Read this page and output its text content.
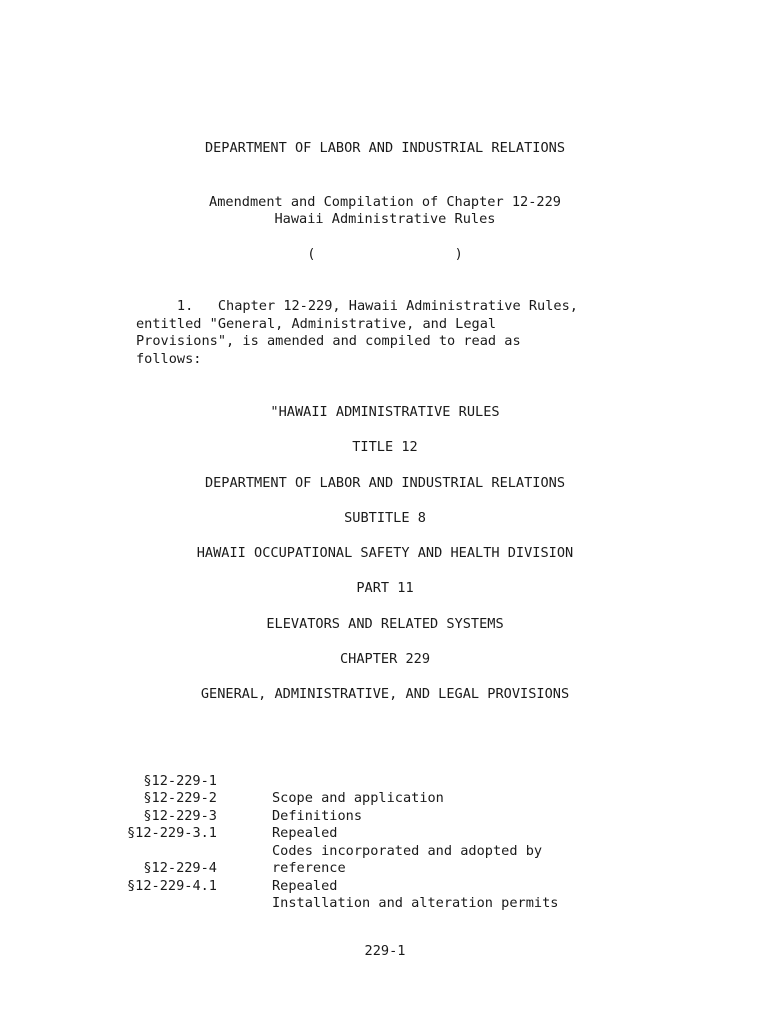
DEPARTMENT OF LABOR AND INDUSTRIAL RELATIONS
Amendment and Compilation of Chapter 12-229
Hawaii Administrative Rules
(                 )
1.   Chapter 12-229, Hawaii Administrative Rules,
entitled "General, Administrative, and Legal
Provisions", is amended and compiled to read as
follows:
"HAWAII ADMINISTRATIVE RULES
TITLE 12
DEPARTMENT OF LABOR AND INDUSTRIAL RELATIONS
SUBTITLE 8
HAWAII OCCUPATIONAL SAFETY AND HEALTH DIVISION
PART 11
ELEVATORS AND RELATED SYSTEMS
CHAPTER 229
GENERAL, ADMINISTRATIVE, AND LEGAL PROVISIONS

§12-229-1

Scope and application

§12-229-2

Definitions

§12-229-3

Repealed

§12-229-3.1

Codes incorporated and adopted by

reference

§12-229-4

Repealed

§12-229-4.1

Installation and alteration permits

229-1
